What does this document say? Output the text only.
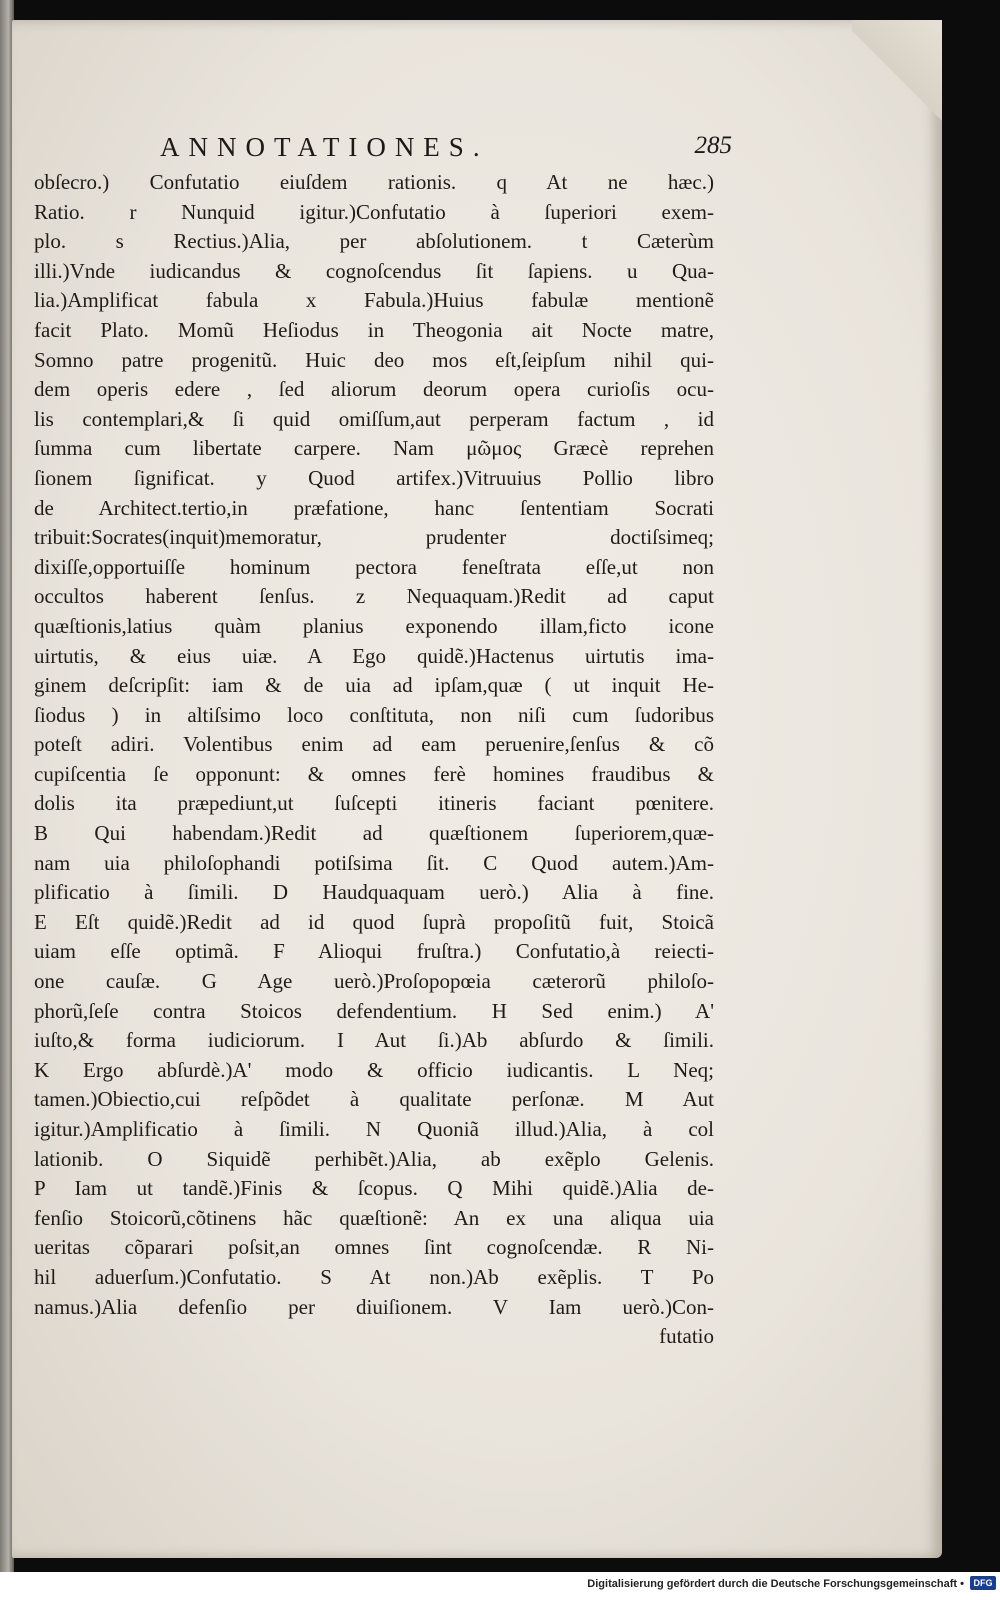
ANNOTATIONES.	285
obſecro.) Confutatio eiuſdem rationis. q At ne hæc.)
Ratio. r Nunquid igitur.)Confutatio à ſuperiori exem-
plo. s Rectius.)Alia, per abſolutionem. t Cæterùm
illi.)Vnde iudicandus & cognoſcendus ſit ſapiens. u Qua-
lia.)Amplificat fabula x Fabula.)Huius fabulæ mentionẽ
facit Plato. Momũ Heſiodus in Theogonia ait Nocte matre,
Somno patre progenitũ. Huic deo mos eſt,ſeipſum nihil qui-
dem operis edere , ſed aliorum deorum opera curioſis ocu-
lis contemplari,& ſi quid omiſſum,aut perperam factum , id
ſumma cum libertate carpere. Nam μῶμος Græcè reprehen
ſionem ſignificat. y Quod artifex.)Vitruuius Pollio libro
de Architect.tertio,in præfatione, hanc ſententiam Socrati
tribuit:Socrates(inquit)memoratur, prudenter doctiſsimeq;
dixiſſe,opportuiſſe hominum pectora feneſtrata eſſe,ut non
occultos haberent ſenſus. z Nequaquam.)Redit ad caput
quæſtionis,latius quàm planius exponendo illam,ficto icone
uirtutis, & eius uiæ. A Ego quidẽ.)Hactenus uirtutis ima-
ginem deſcripſit: iam & de uia ad ipſam,quæ ( ut inquit He-
ſiodus ) in altiſsimo loco conſtituta, non niſi cum ſudoribus
poteſt adiri. Volentibus enim ad eam peruenire,ſenſus & cõ
cupiſcentia ſe opponunt: & omnes ferè homines fraudibus &
dolis ita præpediunt,ut ſuſcepti itineris faciant pœnitere.
B Qui habendam.)Redit ad quæſtionem ſuperiorem,quæ-
nam uia philoſophandi potiſsima ſit. C Quod autem.)Am-
plificatio à ſimili. D Haudquaquam uerò.) Alia à fine.
E Eſt quidẽ.)Redit ad id quod ſuprà propoſitũ fuit, Stoicã
uiam eſſe optimã. F Alioqui fruſtra.) Confutatio,à reiecti-
one cauſæ. G Age uerò.)Proſopopœia cæterorũ philoſo-
phorũ,ſeſe contra Stoicos defendentium. H Sed enim.) A'
iuſto,& forma iudiciorum. I Aut ſi.)Ab abſurdo & ſimili.
K Ergo abſurdè.)A' modo & officio iudicantis. L Neq;
tamen.)Obiectio,cui reſpõdet à qualitate perſonæ. M Aut
igitur.)Amplificatio à ſimili. N Quoniã illud.)Alia, à col
lationib. O Siquidẽ perhibẽt.)Alia, ab exẽplo Gelenis.
P Iam ut tandẽ.)Finis & ſcopus. Q Mihi quidẽ.)Alia de-
fenſio Stoicorũ,cõtinens hãc quæſtionẽ: An ex una aliqua uia
ueritas cõparari poſsit,an omnes ſint cognoſcendæ. R Ni-
hil aduerſum.)Confutatio. S At non.)Ab exẽplis. T Po
namus.)Alia defenſio per diuiſionem. V Iam uerò.)Con-
futatio
Digitalisierung gefördert durch die Deutsche Forschungsgemeinschaft •	DFG
